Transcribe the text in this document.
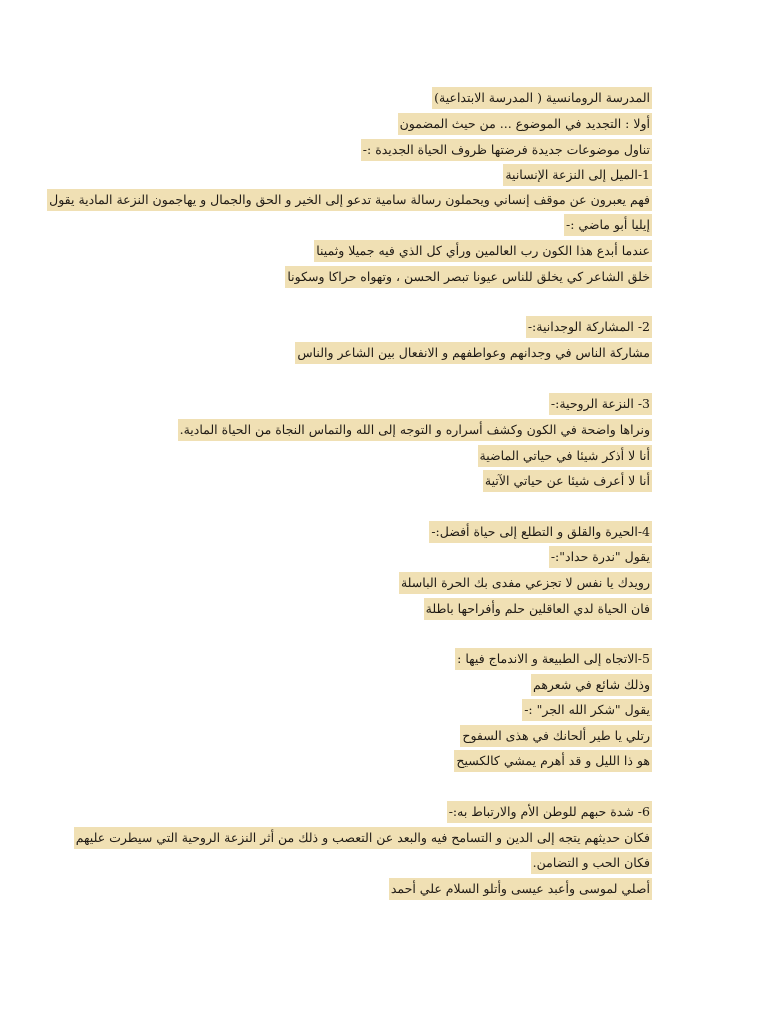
المدرسة الرومانسية ( المدرسة الابتداعية)
أولا : التجديد في الموضوع ... من حيث المضمون
تناول موضوعات جديدة فرضتها ظروف الحياة الجديدة :-
1-الميل إلى النزعة الإنسانية
فهم يعبرون عن موقف إنساني ويحملون رسالة سامية تدعو إلى الخير و الحق والجمال و يهاجمون النزعة المادية يقول
إيليا أبو ماضي :-
عندما أبدع هذا الكون رب العالمين ورأي كل الذي فيه جميلا وثمينا
خلق الشاعر كي يخلق للناس عيونا تبصر الحسن ، وتهواه حراكا وسكونا
2- المشاركة الوجدانية:-
مشاركة الناس في وجدانهم وعواطفهم و الانفعال بين الشاعر والناس
3- النزعة الروحية:-
ونراها واضحة في الكون وكشف أسراره و التوجه إلى الله والتماس النجاة من الحياة المادية.
أنا لا أذكر شيئا في حياتي الماضية
أنا لا أعرف شيئا عن حياتي الآتية
4-الحيرة والقلق و التطلع إلى حياة أفضل:-
يقول "ندرة حداد":-
رويدك يا نفس لا تجزعي مفدى بك الحرة الباسلة
فان الحياة لدي العاقلين حلم وأفراحها باطلة
5-الاتجاه إلى الطبيعة و الاندماج فيها :
وذلك شائع في شعرهم
يقول "شكر الله الجر" :-
رتلي يا طير ألحانك في هذى السفوح
هو ذا الليل و قد أهرم يمشي كالكسيح
6- شدة حبهم للوطن الأم والارتباط به:-
فكان حديثهم يتجه إلى الدين و التسامح فيه والبعد عن التعصب و ذلك من أثر النزعة الروحية التي سيطرت عليهم
فكان الحب و التضامن.
أصلي لموسى وأعبد عيسى وأتلو السلام علي أحمد
